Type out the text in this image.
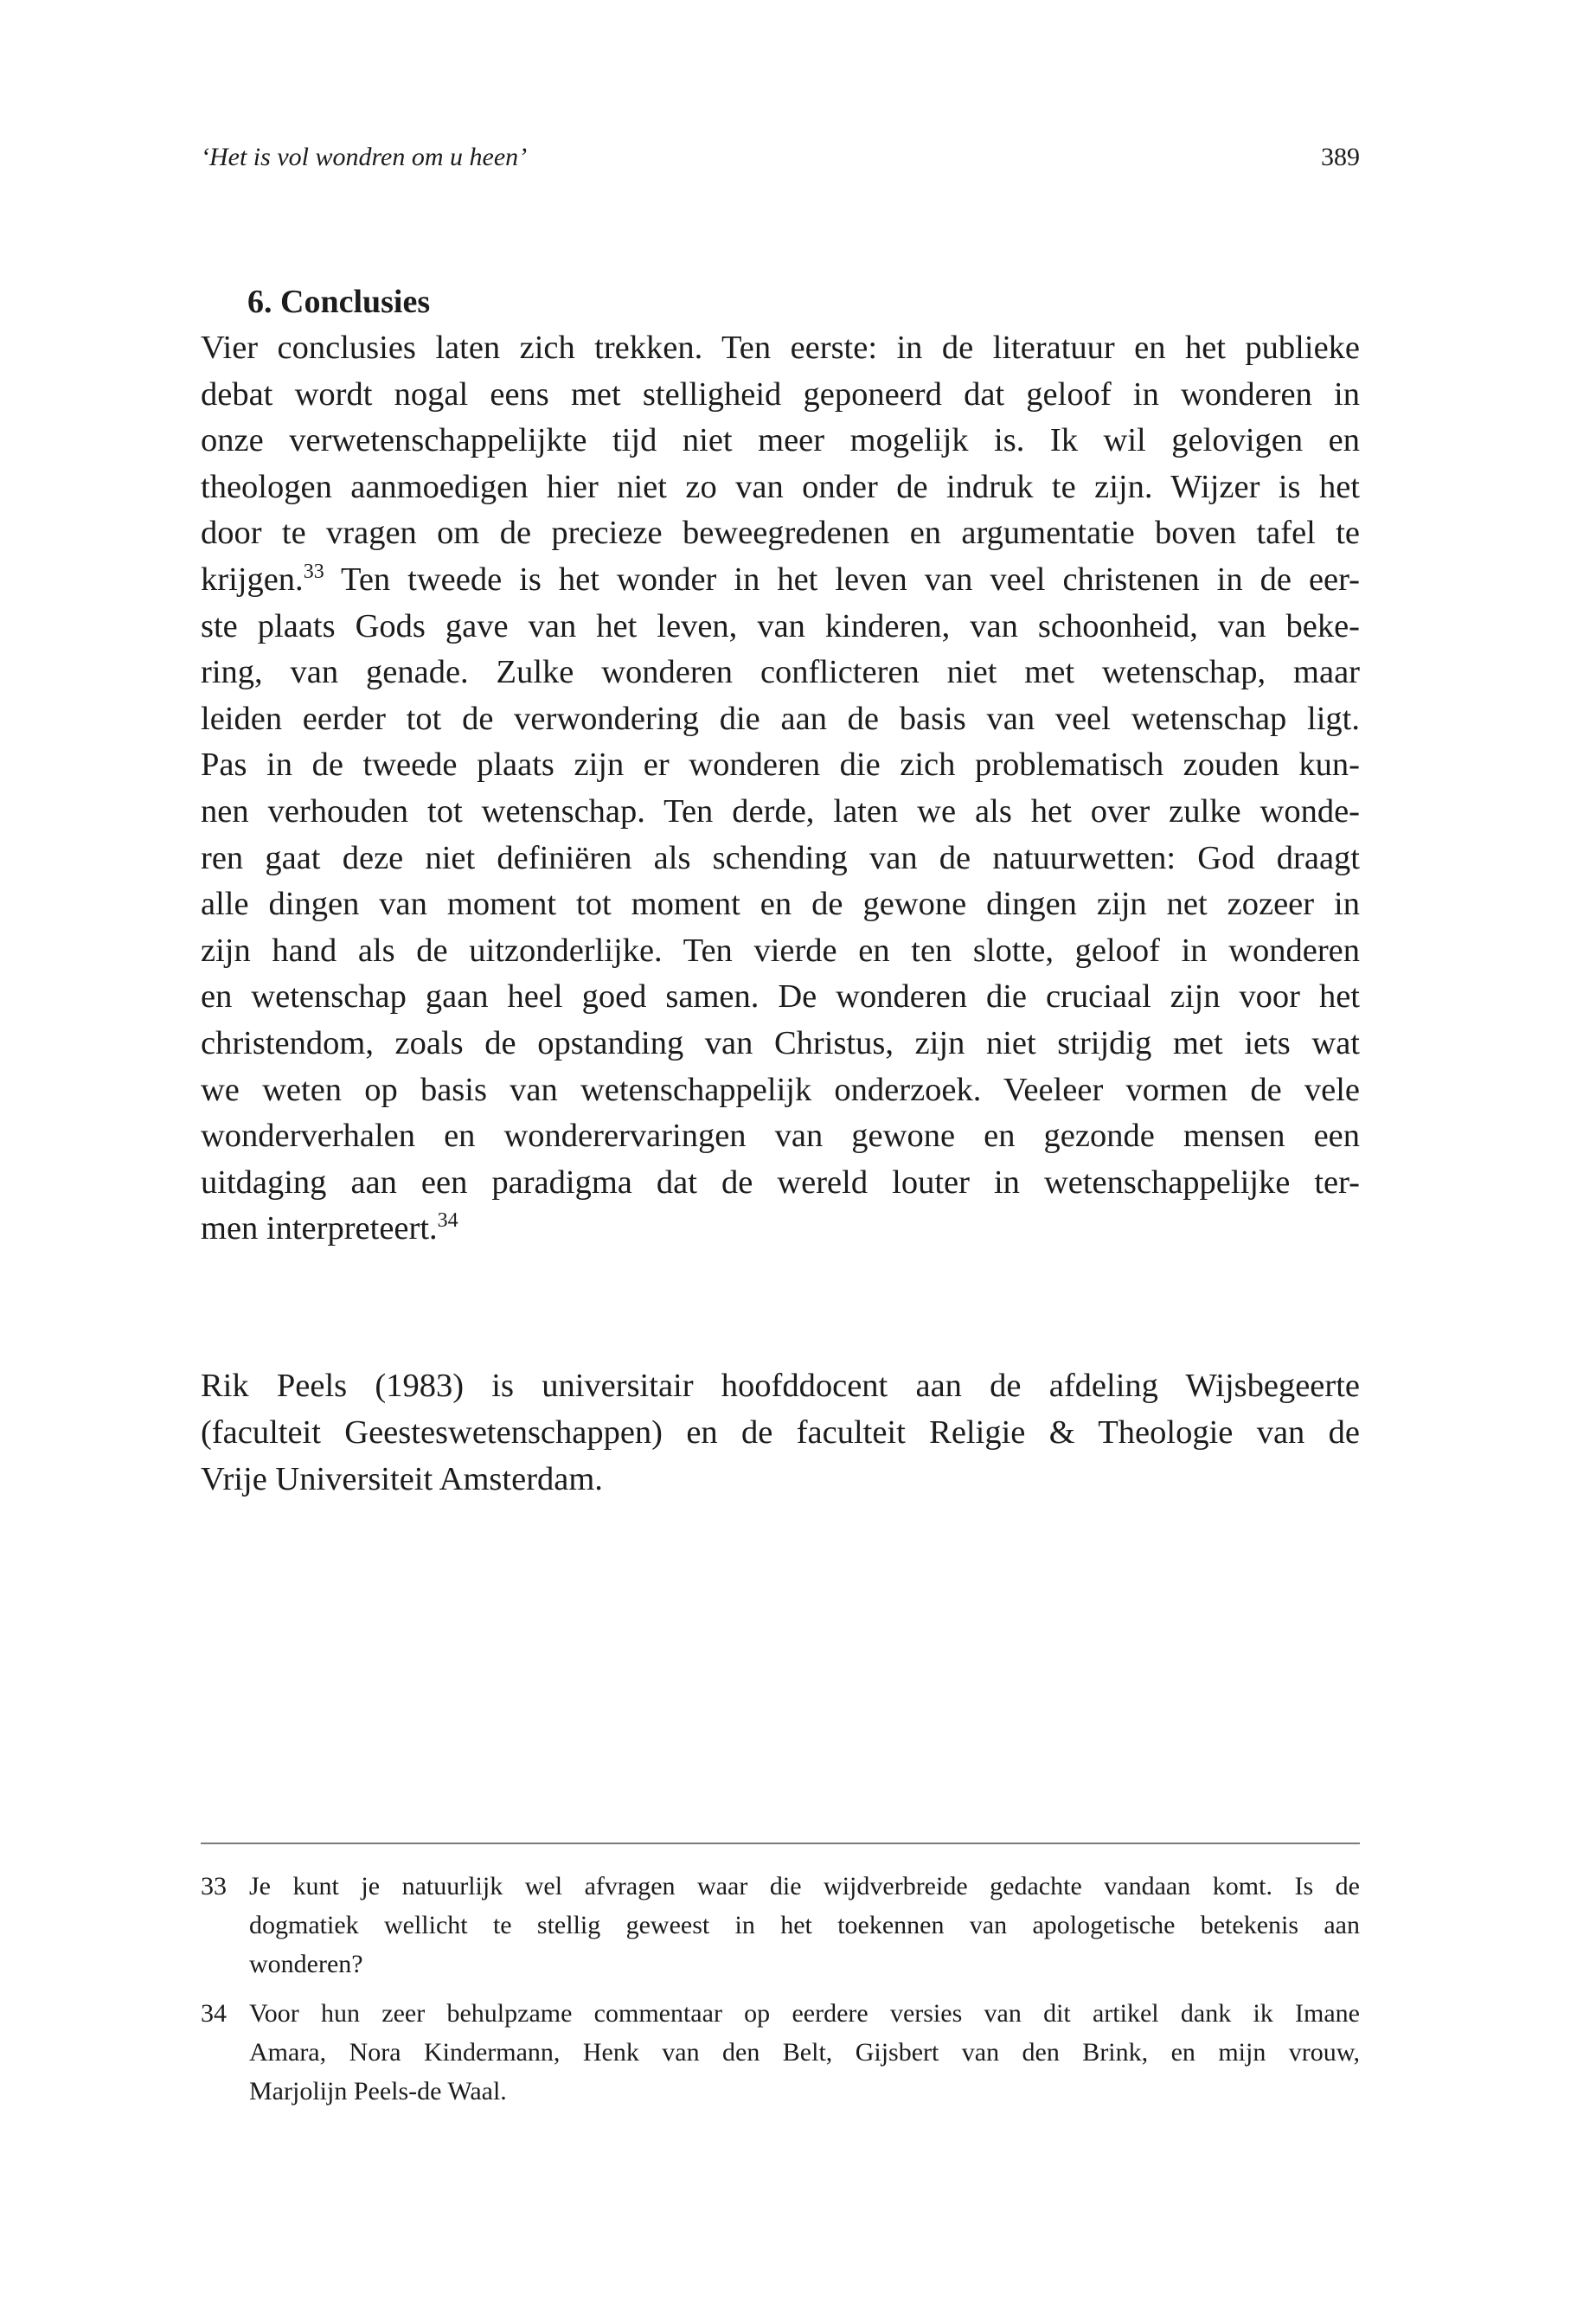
‘Het is vol wondren om u heen’	389
6. Conclusies

Vier conclusies laten zich trekken. Ten eerste: in de literatuur en het publieke
debat wordt nogal eens met stelligheid geponeerd dat geloof in wonderen in
onze verwetenschappelijkte tijd niet meer mogelijk is. Ik wil gelovigen en
theologen aanmoedigen hier niet zo van onder de indruk te zijn. Wijzer is het
door te vragen om de precieze beweegredenen en argumentatie boven tafel te
krijgen.$^{33}$ Ten tweede is het wonder in het leven van veel christenen in de eer-
ste plaats Gods gave van het leven, van kinderen, van schoonheid, van beke-
ring, van genade. Zulke wonderen conflicteren niet met wetenschap, maar
leiden eerder tot de verwondering die aan de basis van veel wetenschap ligt.
Pas in de tweede plaats zijn er wonderen die zich problematisch zouden kun-
nen verhouden tot wetenschap. Ten derde, laten we als het over zulke wonde-
ren gaat deze niet definiëren als schending van de natuurwetten: God draagt
alle dingen van moment tot moment en de gewone dingen zijn net zozeer in
zijn hand als de uitzonderlijke. Ten vierde en ten slotte, geloof in wonderen
en wetenschap gaan heel goed samen. De wonderen die cruciaal zijn voor het
christendom, zoals de opstanding van Christus, zijn niet strijdig met iets wat
we weten op basis van wetenschappelijk onderzoek. Veeleer vormen de vele
wonderverhalen en wonderervaringen van gewone en gezonde mensen een
uitdaging aan een paradigma dat de wereld louter in wetenschappelijke ter-
men interpreteert.$^{34}$

Rik Peels (1983) is universitair hoofddocent aan de afdeling Wijsbegeerte
(faculteit Geesteswetenschappen) en de faculteit Religie & Theologie van de
Vrije Universiteit Amsterdam.

33 Je kunt je natuurlijk wel afvragen waar die wijdverbreide gedachte vandaan komt. Is de
dogmatiek wellicht te stellig geweest in het toekennen van apologetische betekenis aan
wonderen?
34 Voor hun zeer behulpzame commentaar op eerdere versies van dit artikel dank ik Imane
Amara, Nora Kindermann, Henk van den Belt, Gijsbert van den Brink, en mijn vrouw,
Marjolijn Peels-de Waal.
